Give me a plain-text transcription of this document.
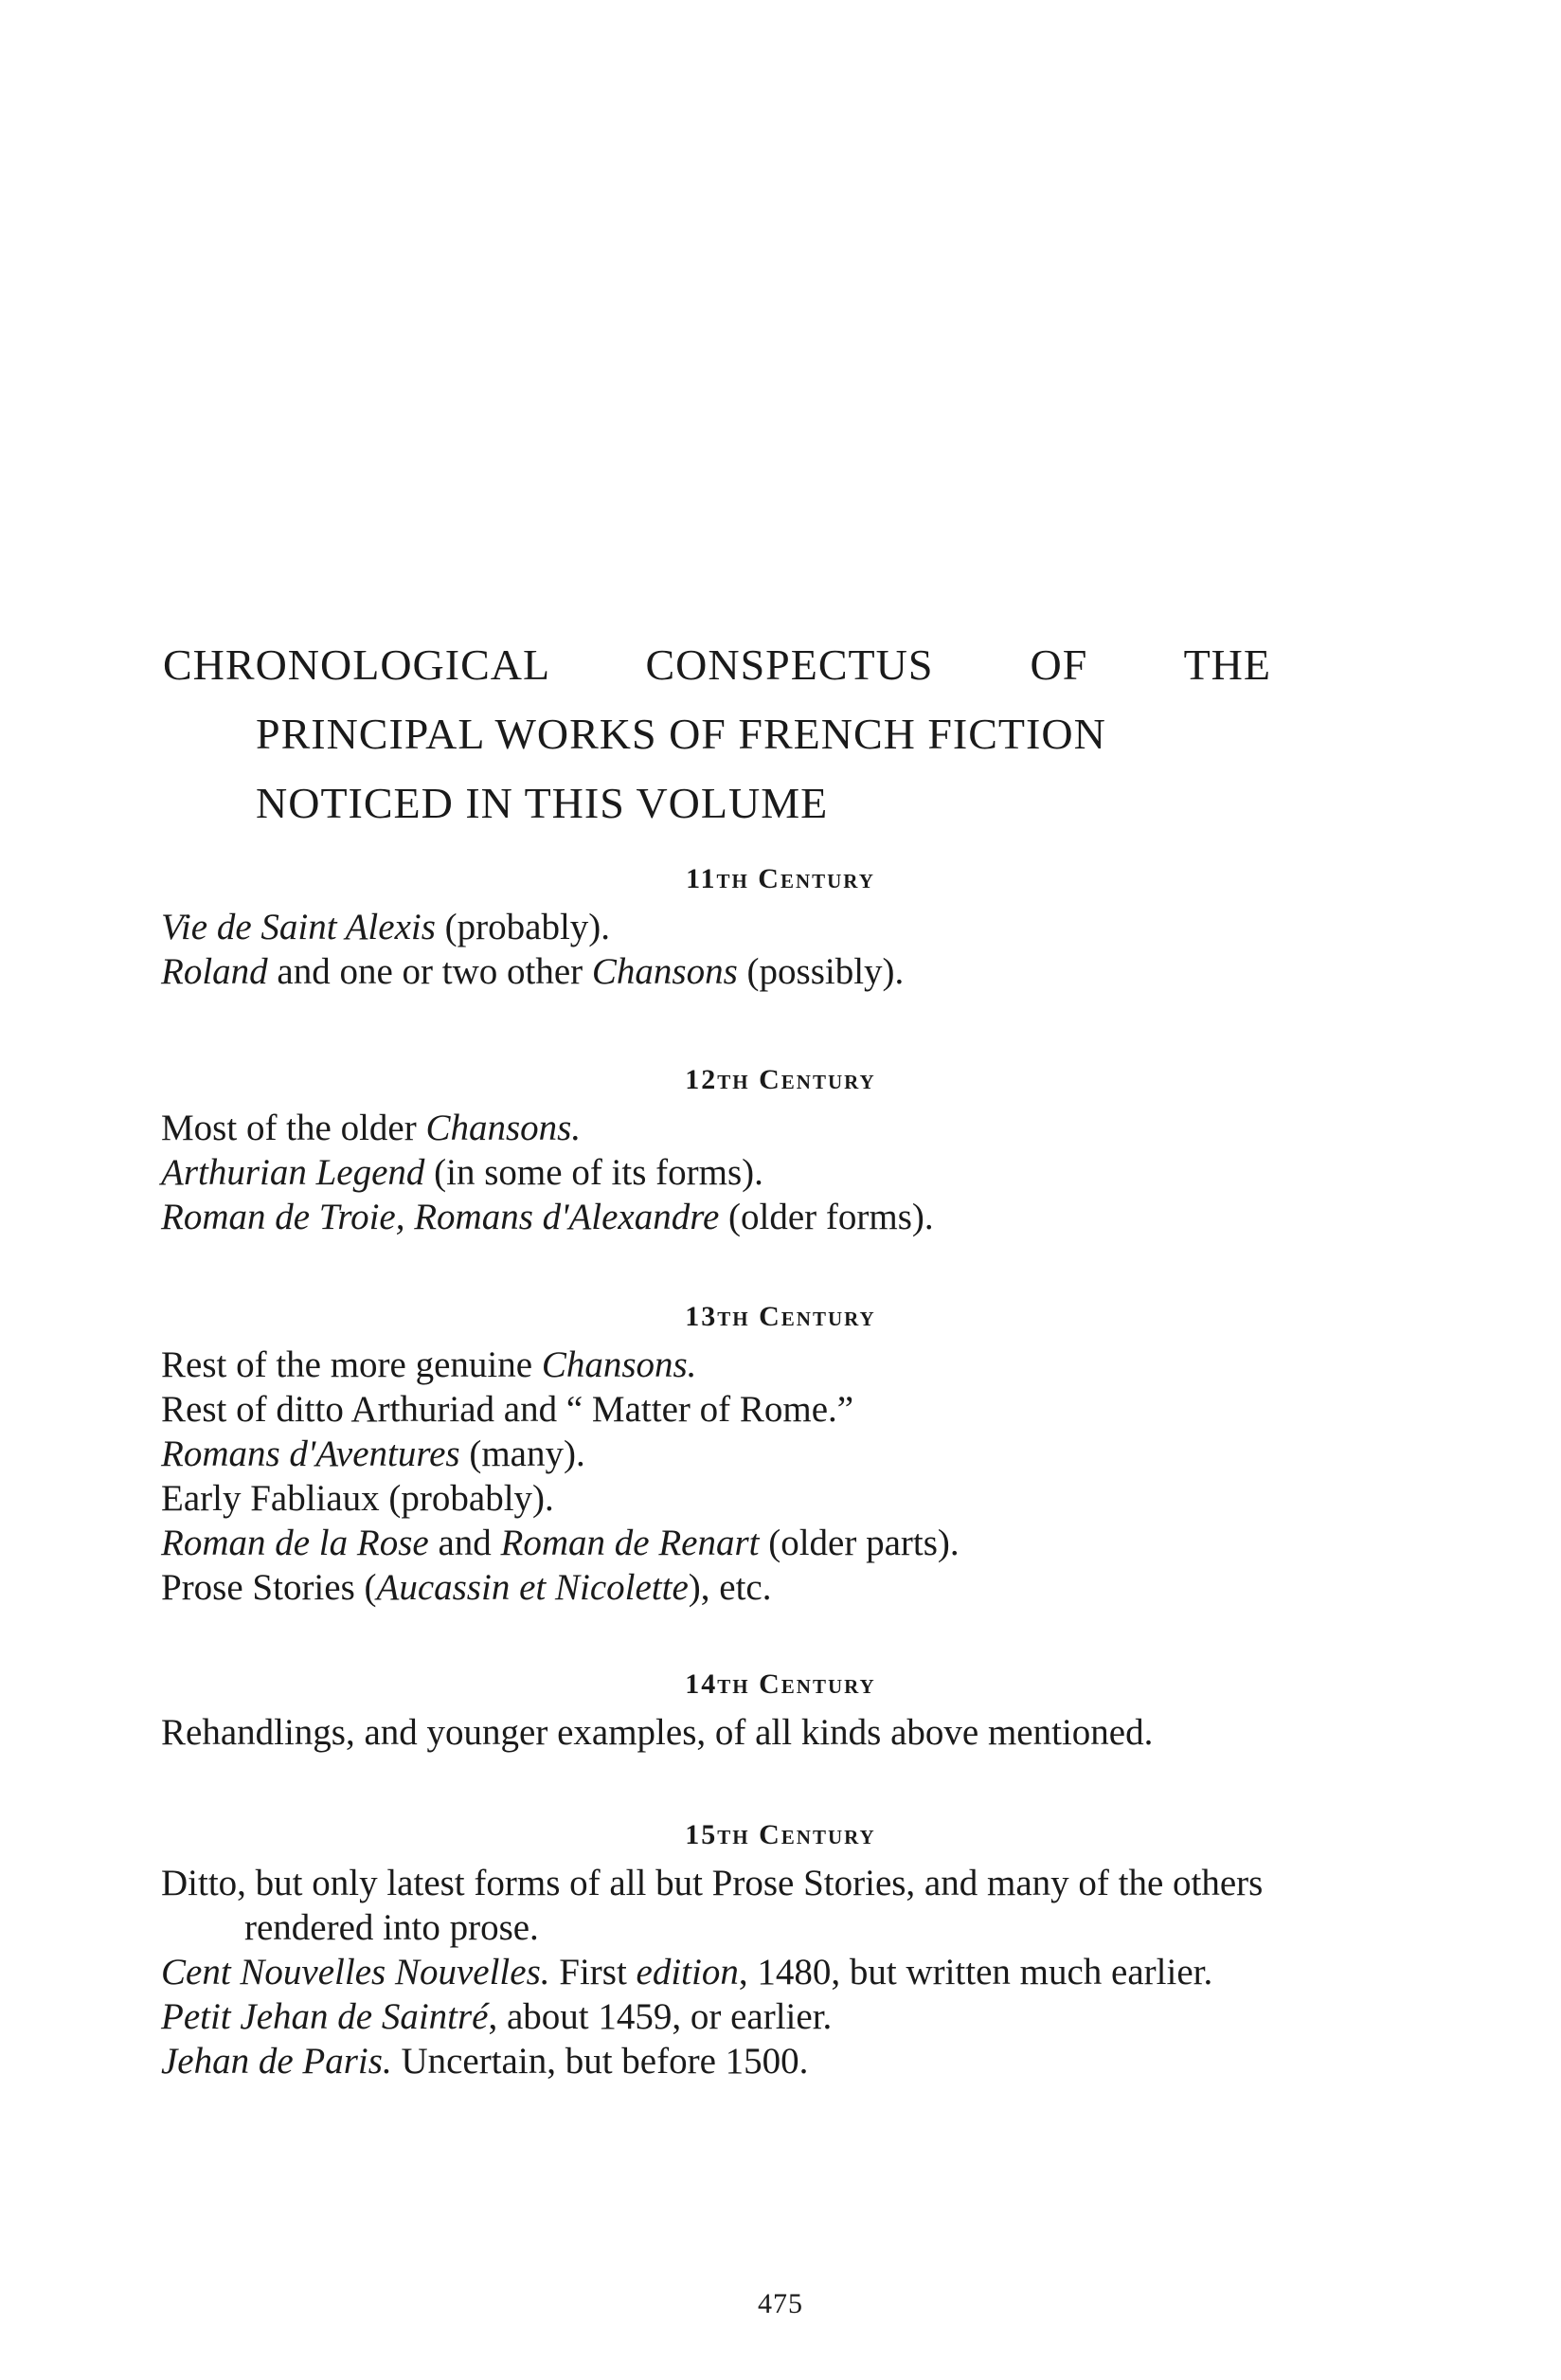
CHRONOLOGICAL CONSPECTUS OF THE
PRINCIPAL WORKS OF FRENCH FICTION
NOTICED IN THIS VOLUME
11th Century
Vie de Saint Alexis (probably).
Roland and one or two other Chansons (possibly).
12th Century
Most of the older Chansons.
Arthurian Legend (in some of its forms).
Roman de Troie, Romans d'Alexandre (older forms).
13th Century
Rest of the more genuine Chansons.
Rest of ditto Arthuriad and “ Matter of Rome.”
Romans d'Aventures (many).
Early Fabliaux (probably).
Roman de la Rose and Roman de Renart (older parts).
Prose Stories (Aucassin et Nicolette), etc.
14th Century
Rehandlings, and younger examples, of all kinds above mentioned.
15th Century
Ditto, but only latest forms of all but Prose Stories, and many of the others rendered into prose.
Cent Nouvelles Nouvelles. First edition, 1480, but written much earlier.
Petit Jehan de Saintré, about 1459, or earlier.
Jehan de Paris. Uncertain, but before 1500.
475
